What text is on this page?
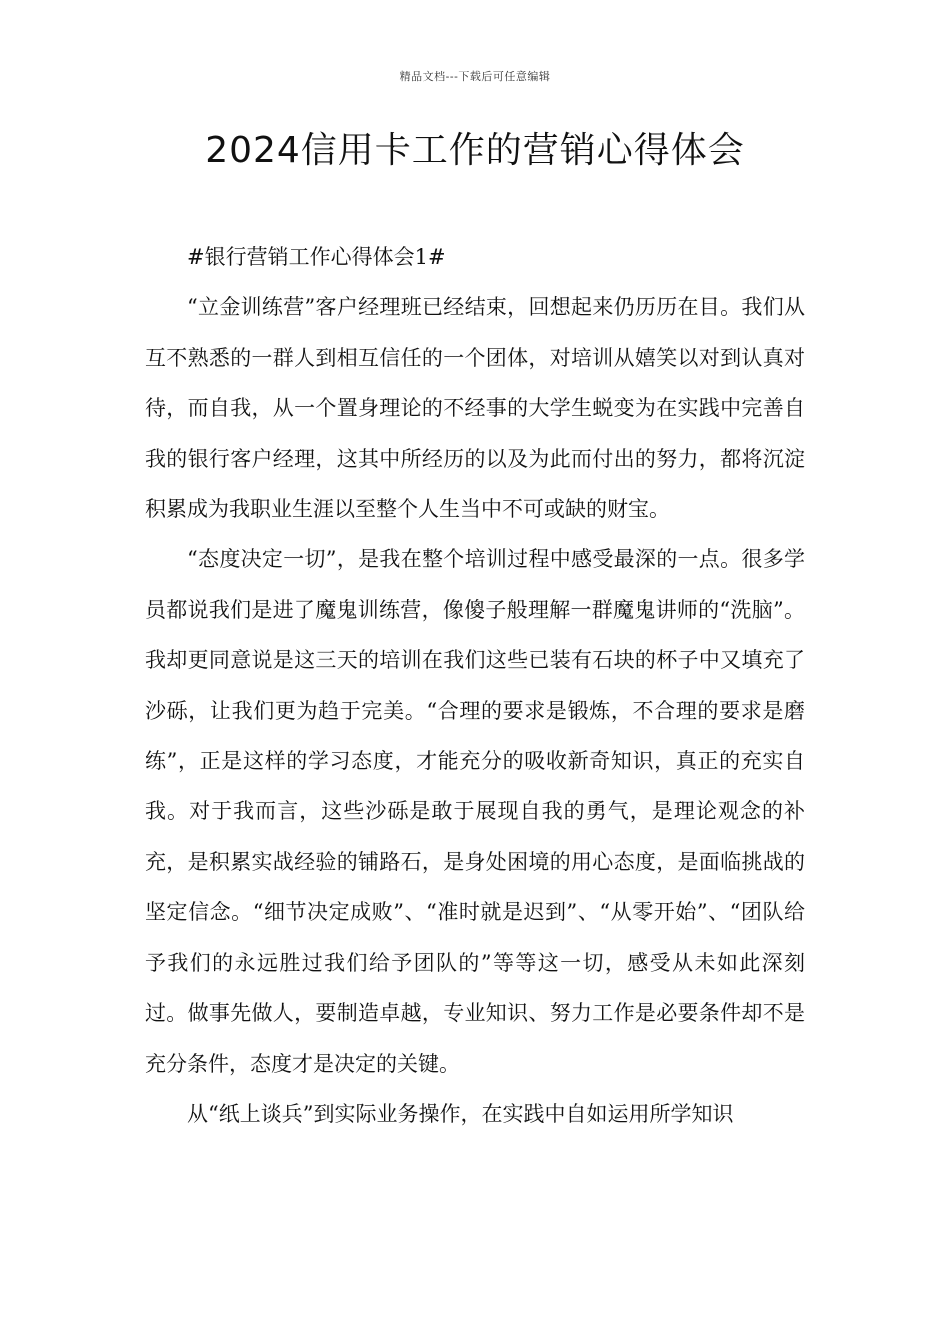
精品文档---下载后可任意编辑
2024信用卡工作的营销心得体会

#银行营销工作心得体会1#

“立金训练营”客户经理班已经结束，回想起来仍历历在目。我们从互不熟悉的一群人到相互信任的一个团体，对培训从嬉笑以对到认真对待，而自我，从一个置身理论的不经事的大学生蜕变为在实践中完善自我的银行客户经理，这其中所经历的以及为此而付出的努力，都将沉淀积累成为我职业生涯以至整个人生当中不可或缺的财宝。

“态度决定一切”，是我在整个培训过程中感受最深的一点。很多学员都说我们是进了魔鬼训练营，像傻子般理解一群魔鬼讲师的“洗脑”。我却更同意说是这三天的培训在我们这些已装有石块的杯子中又填充了沙砾，让我们更为趋于完美。“合理的要求是锻炼，不合理的要求是磨练”，正是这样的学习态度，才能充分的吸收新奇知识，真正的充实自我。对于我而言，这些沙砾是敢于展现自我的勇气，是理论观念的补充，是积累实战经验的铺路石，是身处困境的用心态度，是面临挑战的坚定信念。“细节决定成败”、“准时就是迟到”、“从零开始”、“团队给予我们的永远胜过我们给予团队的”等等这一切，感受从未如此深刻过。做事先做人，要制造卓越，专业知识、努力工作是必要条件却不是充分条件，态度才是决定的关键。

从“纸上谈兵”到实际业务操作，在实践中自如运用所学知识
